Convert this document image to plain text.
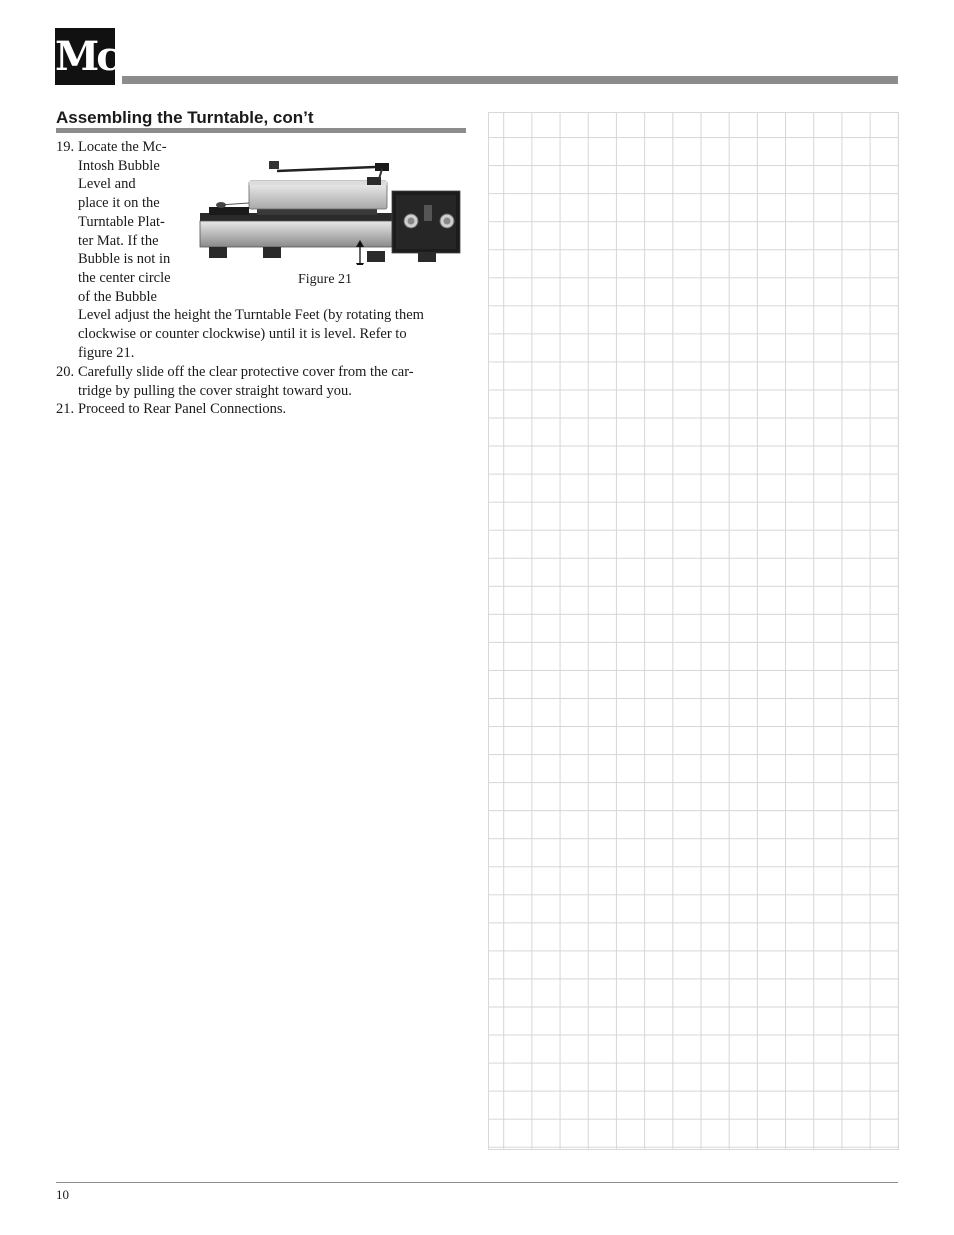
Mc
Assembling the Turntable, con’t
19. Locate the Mc-
Intosh Bubble
Level and
place it on the
Turntable Plat-
ter Mat. If the
Bubble is not in
the center circle
of the Bubble
Level adjust the height the Turntable Feet (by rotating them
clockwise or counter clockwise) until it is level. Refer to
figure 21.
20. Carefully slide off the clear protective cover from the car-
tridge by pulling the cover straight toward you.
21. Proceed to Rear Panel Connections.
Figure 21
10
